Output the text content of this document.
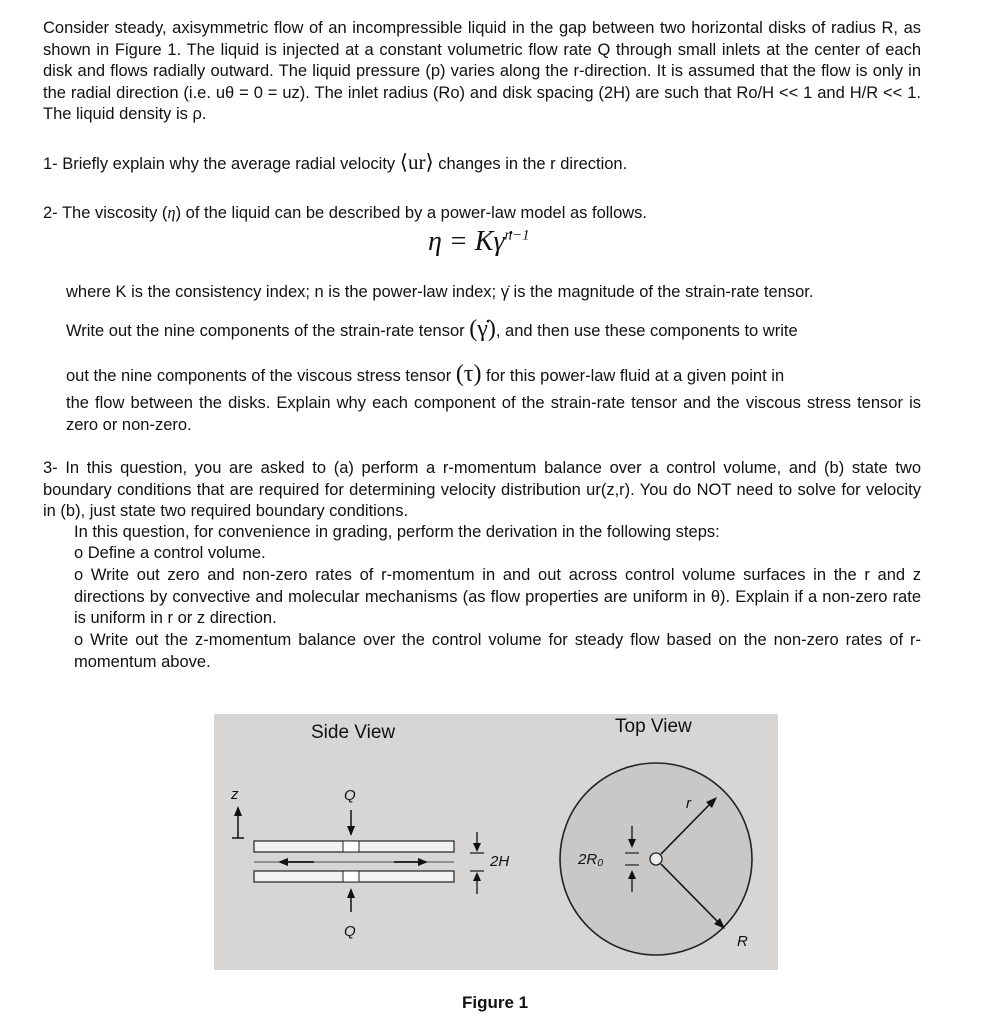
Consider steady, axisymmetric flow of an incompressible liquid in the gap between two horizontal disks of radius R, as shown in Figure 1. The liquid is injected at a constant volumetric flow rate Q through small inlets at the center of each disk and flows radially outward. The liquid pressure (p) varies along the r-direction. It is assumed that the flow is only in the radial direction (i.e. uθ = 0 = uz). The inlet radius (Ro) and disk spacing (2H) are such that Ro/H << 1 and H/R << 1. The liquid density is ρ.
1- Briefly explain why the average radial velocity ⟨ur⟩ changes in the r direction.
2- The viscosity (η) of the liquid can be described by a power-law model as follows.
η = Kγ̇$^{n-1}$
where K is the consistency index; n is the power-law index; γ̇ is the magnitude of the strain-rate tensor.
Write out the nine components of the strain-rate tensor (γ̇), and then use these components to write
out the nine components of the viscous stress tensor (τ) for this power-law fluid at a given point in
the flow between the disks. Explain why each component of the strain-rate tensor and the viscous stress tensor is zero or non-zero.
3- In this question, you are asked to (a) perform a r-momentum balance over a control volume, and (b) state two boundary conditions that are required for determining velocity distribution ur(z,r). You do NOT need to solve for velocity in (b), just state two required boundary conditions.
In this question, for convenience in grading, perform the derivation in the following steps:
o Define a control volume.
o Write out zero and non-zero rates of r-momentum in and out across control volume surfaces in the r and z directions by convective and molecular mechanisms (as flow properties are uniform in θ). Explain if a non-zero rate is uniform in r or z direction.
o Write out the z-momentum balance over the control volume for steady flow based on the non-zero rates of r-momentum above.
Side View	Top View
z	Q
Q
2H	2R₀
r
R
Figure 1
